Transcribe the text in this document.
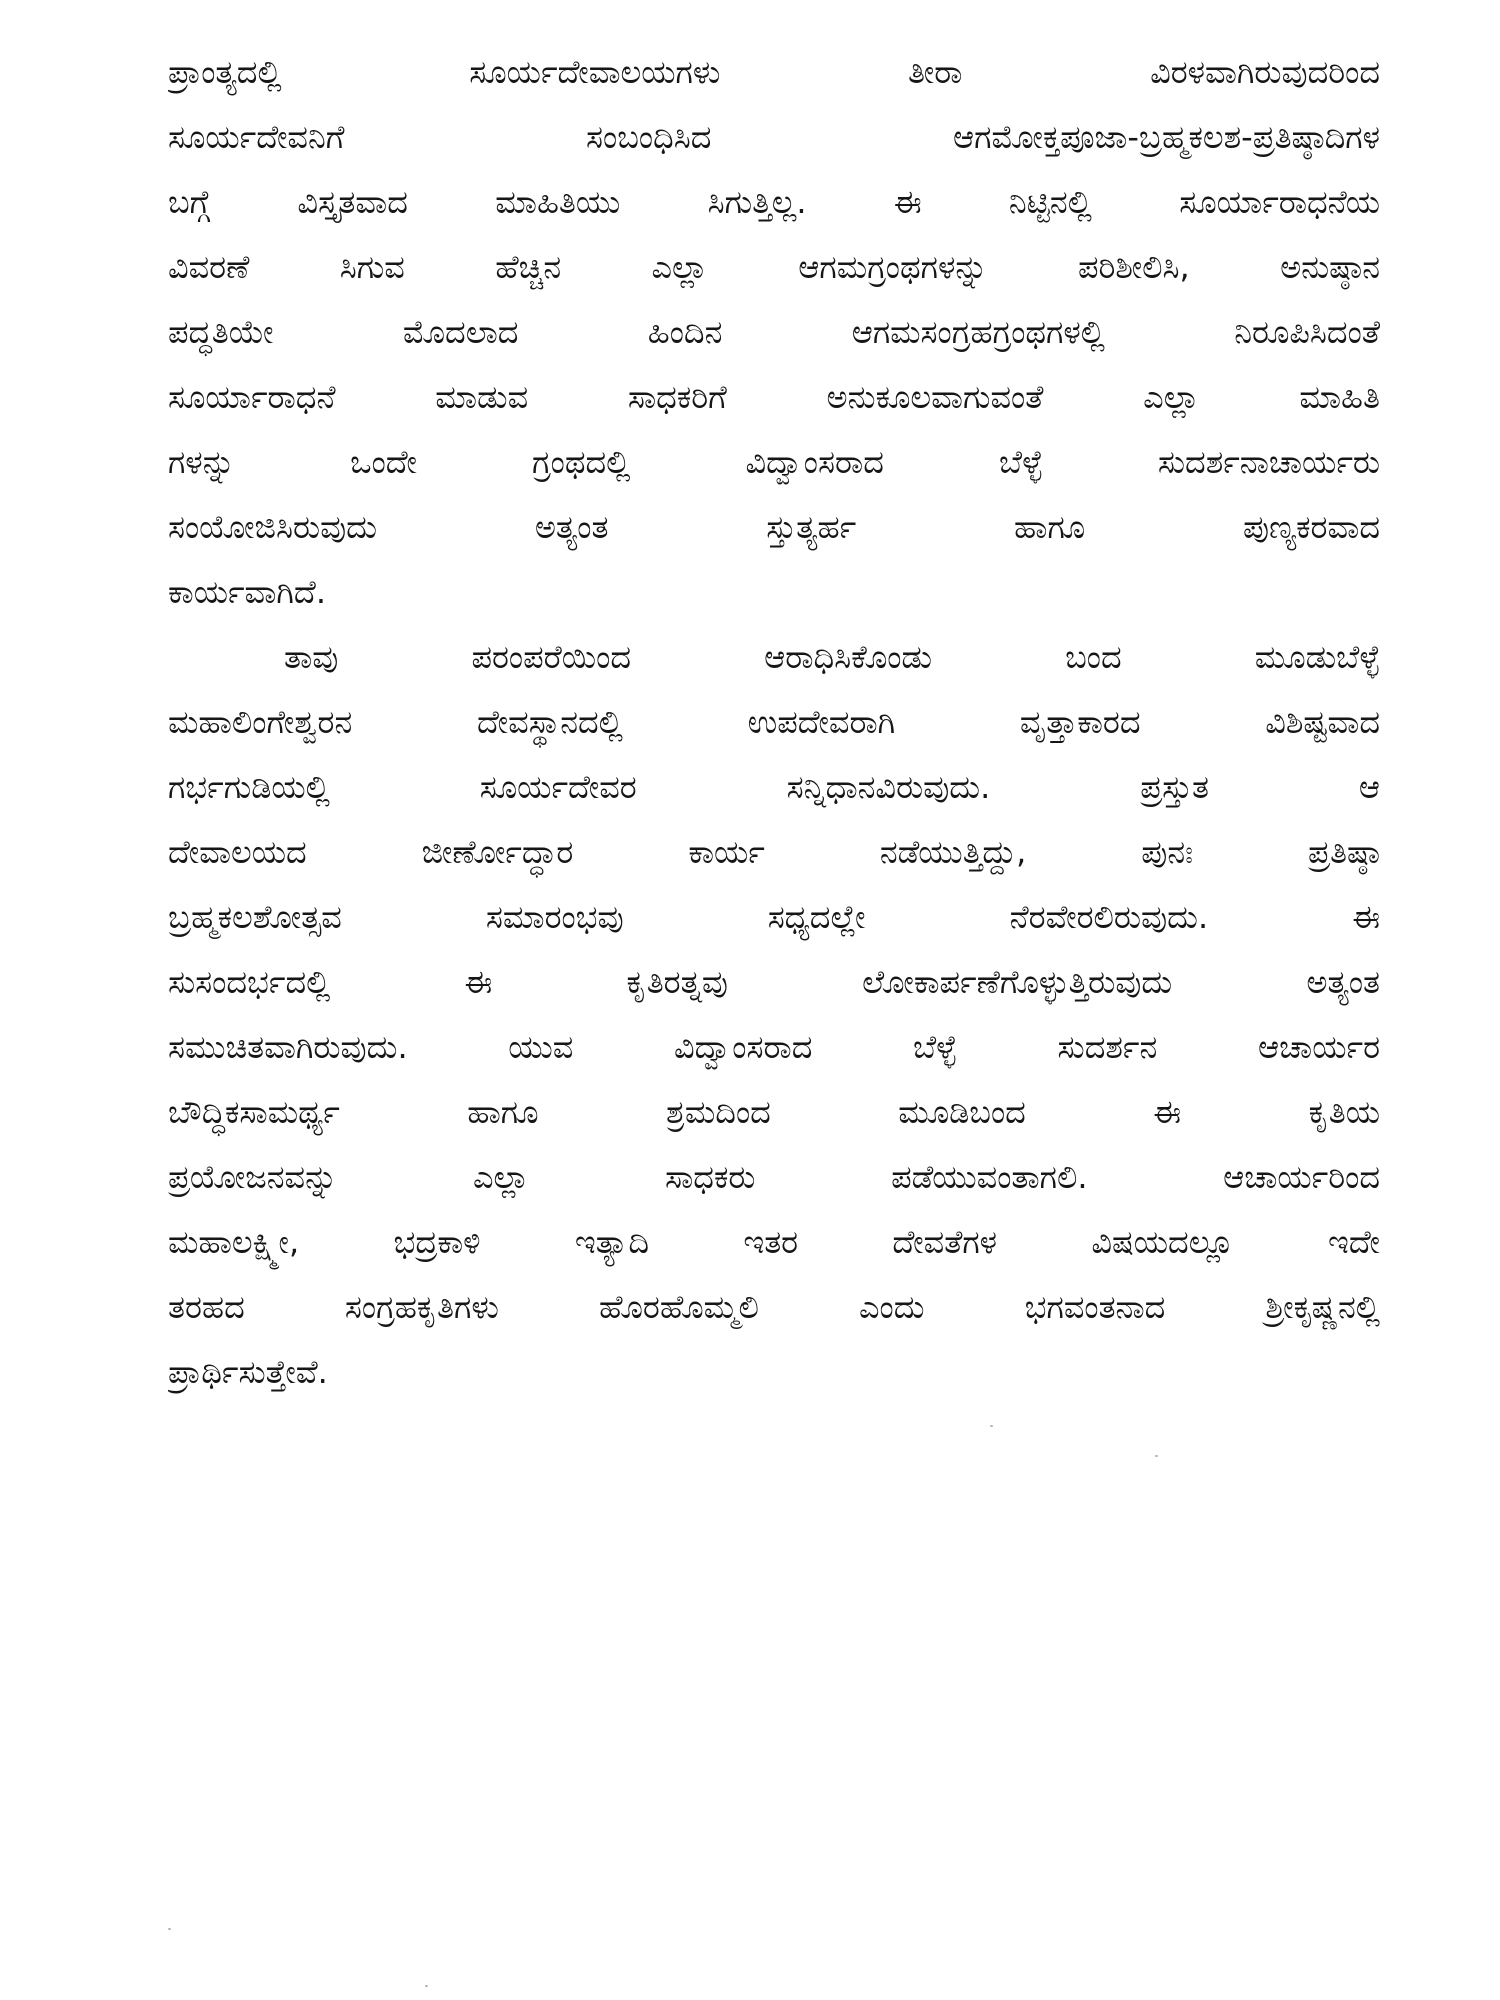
ಪ್ರಾಂತ್ಯದಲ್ಲಿ ಸೂರ್ಯದೇವಾಲಯಗಳು ತೀರಾ ವಿರಳವಾಗಿರುವುದರಿಂದ
ಸೂರ್ಯದೇವನಿಗೆ ಸಂಬಂಧಿಸಿದ ಆಗಮೋಕ್ತಪೂಜಾ-ಬ್ರಹ್ಮಕಲಶ-ಪ್ರತಿಷ್ಠಾದಿಗಳ
ಬಗ್ಗೆ ವಿಸ್ತೃತವಾದ ಮಾಹಿತಿಯು ಸಿಗುತ್ತಿಲ್ಲ. ಈ ನಿಟ್ಟಿನಲ್ಲಿ ಸೂರ್ಯಾರಾಧನೆಯ
ವಿವರಣೆ ಸಿಗುವ ಹೆಚ್ಚಿನ ಎಲ್ಲಾ ಆಗಮಗ್ರಂಥಗಳನ್ನು ಪರಿಶೀಲಿಸಿ, ಅನುಷ್ಠಾನ
ಪದ್ಧತಿಯೇ ಮೊದಲಾದ ಹಿಂದಿನ ಆಗಮಸಂಗ್ರಹಗ್ರಂಥಗಳಲ್ಲಿ ನಿರೂಪಿಸಿದಂತೆ
ಸೂರ್ಯಾರಾಧನೆ ಮಾಡುವ ಸಾಧಕರಿಗೆ ಅನುಕೂಲವಾಗುವಂತೆ ಎಲ್ಲಾ ಮಾಹಿತಿ
ಗಳನ್ನು ಒಂದೇ ಗ್ರಂಥದಲ್ಲಿ ವಿದ್ವಾಂಸರಾದ ಬೆಳ್ಳೆ ಸುದರ್ಶನಾಚಾರ್ಯರು
ಸಂಯೋಜಿಸಿರುವುದು ಅತ್ಯಂತ ಸ್ತುತ್ಯರ್ಹ ಹಾಗೂ ಪುಣ್ಯಕರವಾದ
ಕಾರ್ಯವಾಗಿದೆ.
ತಾವು ಪರಂಪರೆಯಿಂದ ಆರಾಧಿಸಿಕೊಂಡು ಬಂದ ಮೂಡುಬೆಳ್ಳೆ
ಮಹಾಲಿಂಗೇಶ್ವರನ ದೇವಸ್ಥಾನದಲ್ಲಿ ಉಪದೇವರಾಗಿ ವೃತ್ತಾಕಾರದ ವಿಶಿಷ್ಟವಾದ
ಗರ್ಭಗುಡಿಯಲ್ಲಿ ಸೂರ್ಯದೇವರ ಸನ್ನಿಧಾನವಿರುವುದು. ಪ್ರಸ್ತುತ ಆ
ದೇವಾಲಯದ ಜೀರ್ಣೋದ್ಧಾರ ಕಾರ್ಯ ನಡೆಯುತ್ತಿದ್ದು, ಪುನಃ ಪ್ರತಿಷ್ಠಾ
ಬ್ರಹ್ಮಕಲಶೋತ್ಸವ ಸಮಾರಂಭವು ಸಧ್ಯದಲ್ಲೇ ನೆರವೇರಲಿರುವುದು. ಈ
ಸುಸಂದರ್ಭದಲ್ಲಿ ಈ ಕೃತಿರತ್ನವು ಲೋಕಾರ್ಪಣೆಗೊಳ್ಳುತ್ತಿರುವುದು ಅತ್ಯಂತ
ಸಮುಚಿತವಾಗಿರುವುದು. ಯುವ ವಿದ್ವಾಂಸರಾದ ಬೆಳ್ಳೆ ಸುದರ್ಶನ ಆಚಾರ್ಯರ
ಬೌದ್ಧಿಕಸಾಮರ್ಥ್ಯ ಹಾಗೂ ಶ್ರಮದಿಂದ ಮೂಡಿಬಂದ ಈ ಕೃತಿಯ
ಪ್ರಯೋಜನವನ್ನು ಎಲ್ಲಾ ಸಾಧಕರು ಪಡೆಯುವಂತಾಗಲಿ. ಆಚಾರ್ಯರಿಂದ
ಮಹಾಲಕ್ಷ್ಮೀ, ಭದ್ರಕಾಳಿ ಇತ್ಯಾದಿ ಇತರ ದೇವತೆಗಳ ವಿಷಯದಲ್ಲೂ ಇದೇ
ತರಹದ ಸಂಗ್ರಹಕೃತಿಗಳು ಹೊರಹೊಮ್ಮಲಿ ಎಂದು ಭಗವಂತನಾದ ಶ್ರೀಕೃಷ್ಣನಲ್ಲಿ
ಪ್ರಾರ್ಥಿಸುತ್ತೇವೆ.
